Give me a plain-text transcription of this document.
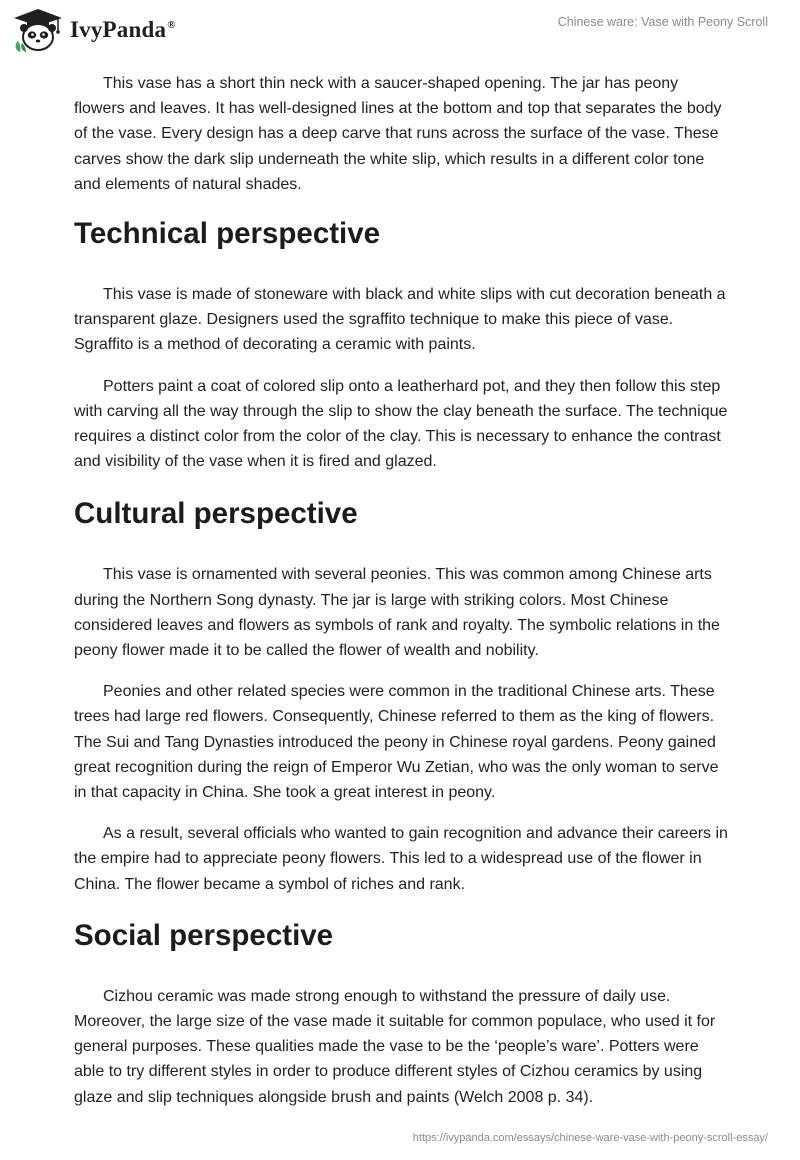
IvyPanda®	Chinese ware: Vase with Peony Scroll

This vase has a short thin neck with a saucer-shaped opening. The jar has peony flowers and leaves. It has well-designed lines at the bottom and top that separates the body of the vase. Every design has a deep carve that runs across the surface of the vase. These carves show the dark slip underneath the white slip, which results in a different color tone and elements of natural shades.

Technical perspective

This vase is made of stoneware with black and white slips with cut decoration beneath a transparent glaze. Designers used the sgraffito technique to make this piece of vase. Sgraffito is a method of decorating a ceramic with paints.

Potters paint a coat of colored slip onto a leatherhard pot, and they then follow this step with carving all the way through the slip to show the clay beneath the surface. The technique requires a distinct color from the color of the clay. This is necessary to enhance the contrast and visibility of the vase when it is fired and glazed.

Cultural perspective

This vase is ornamented with several peonies. This was common among Chinese arts during the Northern Song dynasty. The jar is large with striking colors. Most Chinese considered leaves and flowers as symbols of rank and royalty. The symbolic relations in the peony flower made it to be called the flower of wealth and nobility.

Peonies and other related species were common in the traditional Chinese arts. These trees had large red flowers. Consequently, Chinese referred to them as the king of flowers. The Sui and Tang Dynasties introduced the peony in Chinese royal gardens. Peony gained great recognition during the reign of Emperor Wu Zetian, who was the only woman to serve in that capacity in China. She took a great interest in peony.

As a result, several officials who wanted to gain recognition and advance their careers in the empire had to appreciate peony flowers. This led to a widespread use of the flower in China. The flower became a symbol of riches and rank.

Social perspective

Cizhou ceramic was made strong enough to withstand the pressure of daily use. Moreover, the large size of the vase made it suitable for common populace, who used it for general purposes. These qualities made the vase to be the ‘people’s ware’. Potters were able to try different styles in order to produce different styles of Cizhou ceramics by using glaze and slip techniques alongside brush and paints (Welch 2008 p. 34).

https://ivypanda.com/essays/chinese-ware-vase-with-peony-scroll-essay/
